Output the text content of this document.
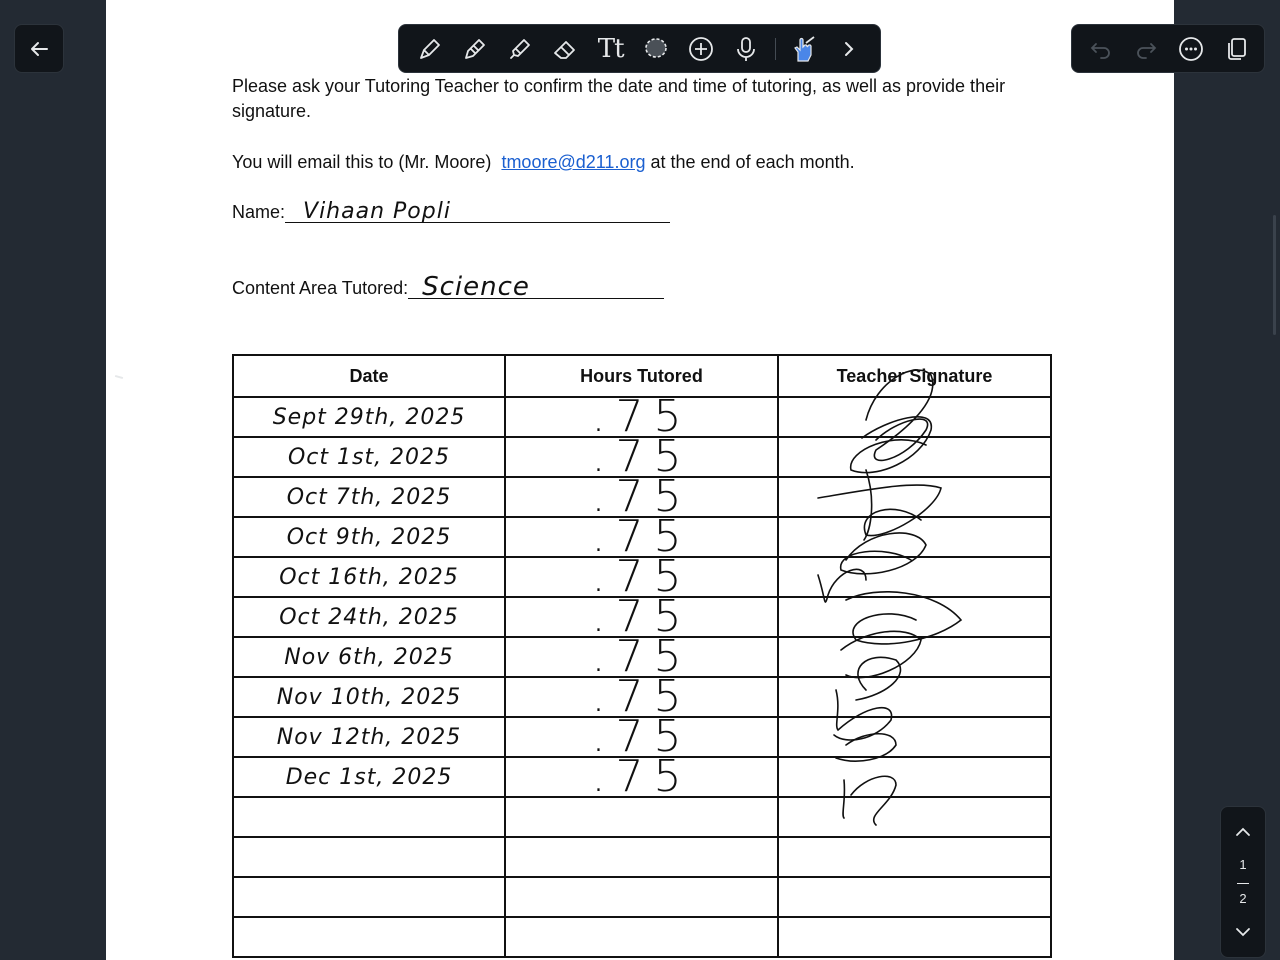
Please ask your Tutoring Teacher to confirm the date and time of tutoring, as well as provide their signature.
You will email this to (Mr. Moore) tmoore@d211.org at the end of each month.
Name: Vihaan Popli
Content Area Tutored: Science
Date	Hours Tutored	Teacher Signature
Sept 29th, 2025	.75	
Oct 1st, 2025	.75	
Oct 7th, 2025	.75	
Oct 9th, 2025	.75	
Oct 16th, 2025	.75	
Oct 24th, 2025	.75	
Nov 6th, 2025	.75	
Nov 10th, 2025	.75	
Nov 12th, 2025	.75	
Dec 1st, 2025	.75	

Tt
1
2
